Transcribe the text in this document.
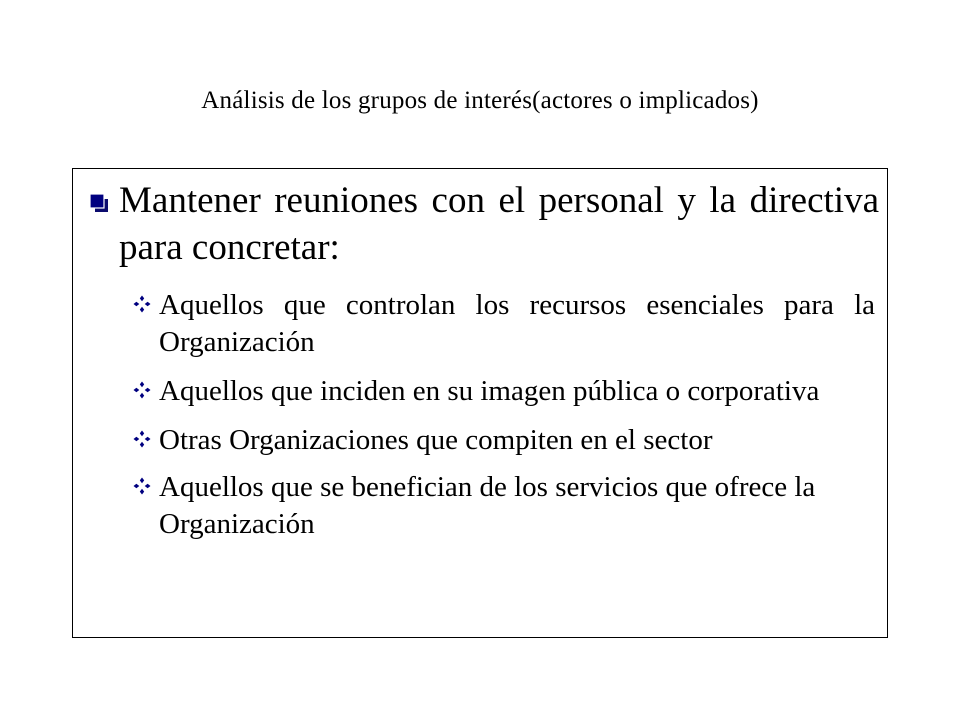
Análisis de los grupos de interés(actores o implicados)
Mantener reuniones con el personal y la directiva para concretar:
Aquellos que controlan los recursos esenciales para la Organización
Aquellos que inciden en su imagen pública o corporativa
Otras Organizaciones que compiten en el sector
Aquellos que se benefician de los servicios que ofrece la Organización
